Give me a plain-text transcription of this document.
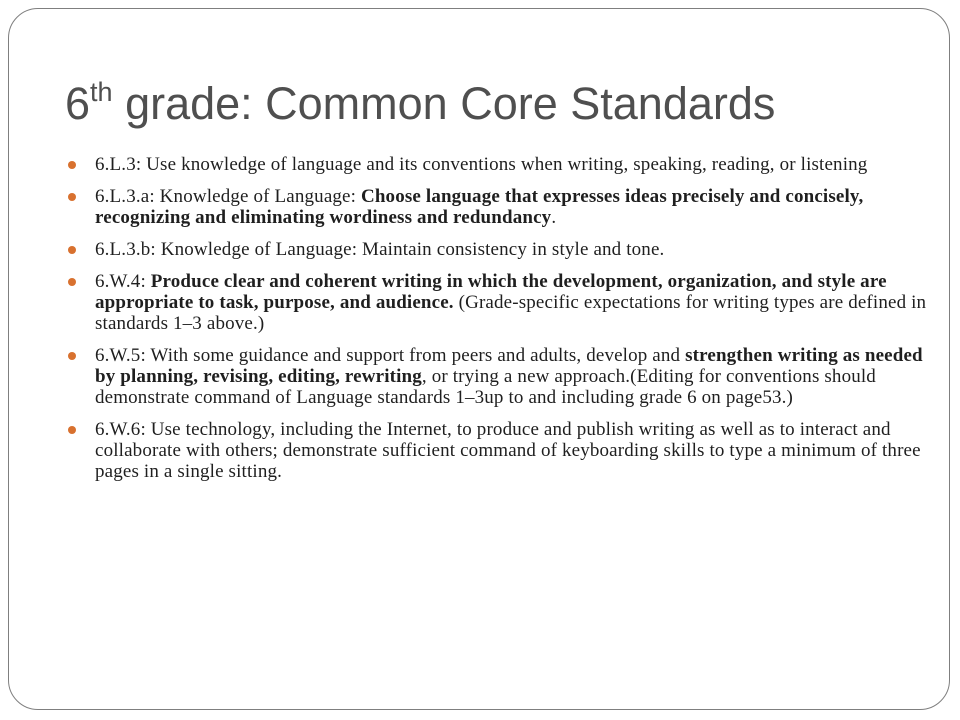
6th grade: Common Core Standards
6.L.3: Use knowledge of language and its conventions when writing, speaking, reading, or listening
6.L.3.a: Knowledge of Language: Choose language that expresses ideas precisely and concisely, recognizing and eliminating wordiness and redundancy.
6.L.3.b: Knowledge of Language: Maintain consistency in style and tone.
6.W.4: Produce clear and coherent writing in which the development, organization, and style are appropriate to task, purpose, and audience. (Grade-specific expectations for writing types are defined in standards 1–3 above.)
6.W.5: With some guidance and support from peers and adults, develop and strengthen writing as needed by planning, revising, editing, rewriting, or trying a new approach.(Editing for conventions should demonstrate command of Language standards 1–3up to and including grade 6 on page53.)
6.W.6: Use technology, including the Internet, to produce and publish writing as well as to interact and collaborate with others; demonstrate sufficient command of keyboarding skills to type a minimum of three pages in a single sitting.
